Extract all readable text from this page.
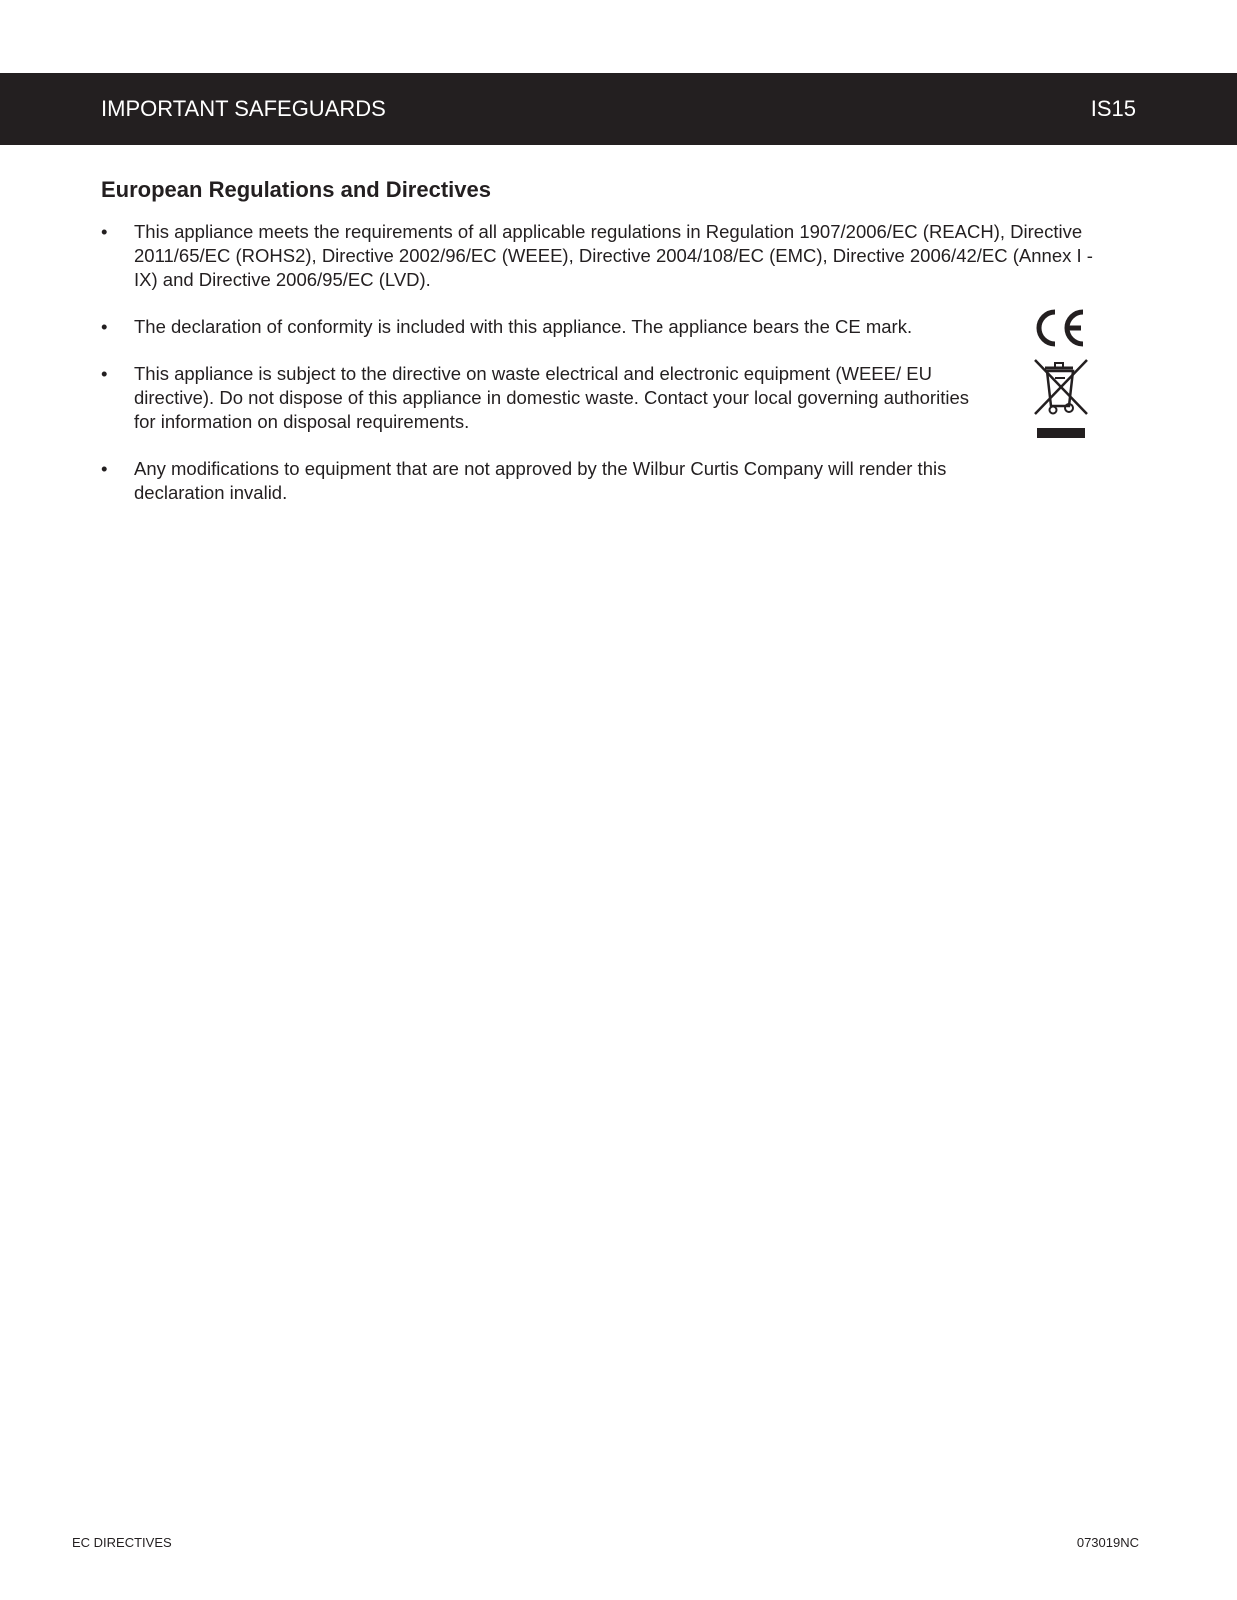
IMPORTANT SAFEGUARDS	IS15
European Regulations and Directives
•	This appliance meets the requirements of all applicable regulations in Regulation 1907/2006/EC (REACH), Directive 2011/65/EC (ROHS2), Directive 2002/96/EC (WEEE), Directive 2004/108/EC (EMC), Directive 2006/42/EC (Annex I - IX) and Directive 2006/95/EC (LVD).
•	The declaration of conformity is included with this appliance. The appliance bears the CE mark.
•	This appliance is subject to the directive on waste electrical and electronic equipment (WEEE/ EU directive). Do not dispose of this appliance in domestic waste. Contact your local governing authorities for information on disposal requirements.
•	Any modifications to equipment that are not approved by the Wilbur Curtis Company will render this declaration invalid.
EC DIRECTIVES	073019NC
